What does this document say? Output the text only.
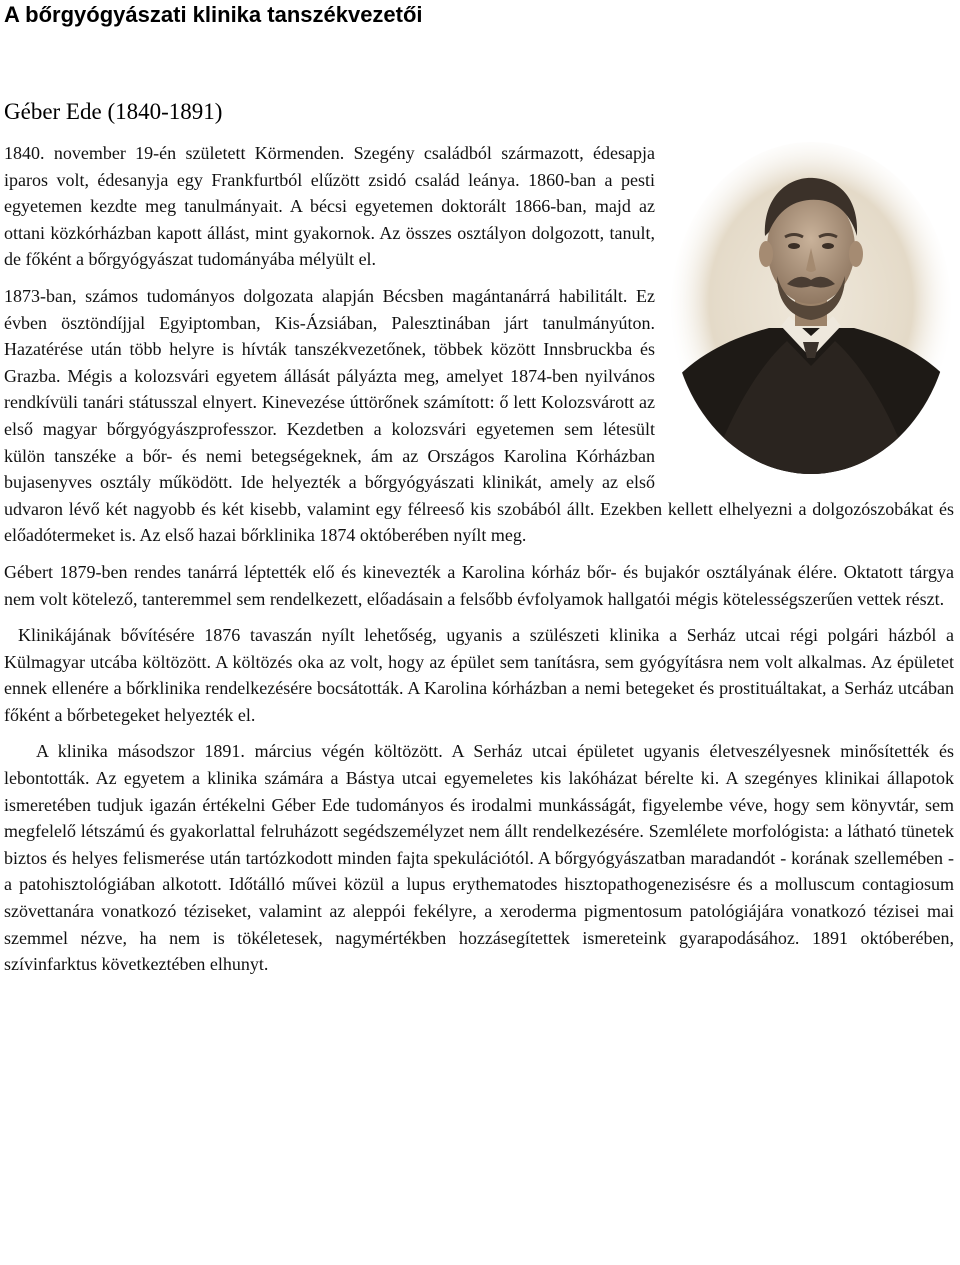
A bőrgyógyászati klinika tanszékvezetői
Géber Ede (1840-1891)

1840. november 19-én született Körmenden. Szegény családból származott, édesapja iparos volt, édesanyja egy Frankfurtból elűzött zsidó család leánya. 1860-ban a pesti egyetemen kezdte meg tanulmányait. A bécsi egyetemen doktorált 1866-ban, majd az ottani közkórházban kapott állást, mint gyakornok. Az összes osztályon dolgozott, tanult, de főként a bőrgyógyászat tudományába mélyült el.

1873-ban, számos tudományos dolgozata alapján Bécsben magántanárrá habilitált. Ez évben ösztöndíjjal Egyiptomban, Kis-Ázsiában, Palesztinában járt tanulmányúton. Hazatérése után több helyre is hívták tanszékvezetőnek, többek között Innsbruckba és Grazba. Mégis a kolozsvári egyetem állását pályázta meg, amelyet 1874-ben nyilvános rendkívüli tanári státusszal elnyert. Kinevezése úttörőnek számított: ő lett Kolozsvárott az első magyar bőrgyógyászprofesszor. Kezdetben a kolozsvári egyetemen sem létesült külön tanszéke a bőr- és nemi betegségeknek, ám az Országos Karolina Kórházban bujasenyves osztály működött. Ide helyezték a bőrgyógyászati klinikát, amely az első udvaron lévő két nagyobb és két kisebb, valamint egy félreeső kis szobából állt. Ezekben kellett elhelyezni a dolgozószobákat és előadótermeket is. Az első hazai bőrklinika 1874 októberében nyílt meg.

Gébert 1879-ben rendes tanárrá léptették elő és kinevezték a Karolina kórház bőr- és bujakór osztályának élére. Oktatott tárgya nem volt kötelező, tanteremmel sem rendelkezett, előadásain a felsőbb évfolyamok hallgatói mégis kötelességszerűen vettek részt.

Klinikájának bővítésére 1876 tavaszán nyílt lehetőség, ugyanis a szülészeti klinika a Serház utcai régi polgári házból a Külmagyar utcába költözött. A költözés oka az volt, hogy az épület sem tanításra, sem gyógyításra nem volt alkalmas. Az épületet ennek ellenére a bőrklinika rendelkezésére bocsátották. A Karolina kórházban a nemi betegeket és prostituáltakat, a Serház utcában főként a bőrbetegeket helyezték el.

A klinika másodszor 1891. március végén költözött. A Serház utcai épületet ugyanis életveszélyesnek minősítették és lebontották. Az egyetem a klinika számára a Bástya utcai egyemeletes kis lakóházat bérelte ki. A szegényes klinikai állapotok ismeretében tudjuk igazán értékelni Géber Ede tudományos és irodalmi munkásságát, figyelembe véve, hogy sem könyvtár, sem megfelelő létszámú és gyakorlattal felruházott segédszemélyzet nem állt rendelkezésére. Szemlélete morfológista: a látható tünetek biztos és helyes felismerése után tartózkodott minden fajta spekulációtól. A bőrgyógyászatban maradandót - korának szellemében - a patohisztológiában alkotott. Időtálló művei közül a lupus erythematodes hisztopathogenezisésre és a molluscum contagiosum szövettanára vonatkozó téziseket, valamint az aleppói fekélyre, a xeroderma pigmentosum patológiájára vonatkozó tézisei mai szemmel nézve, ha nem is tökéletesek, nagymértékben hozzásegítettek ismereteink gyarapodásához. 1891 októberében, szívinfarktus következtében elhunyt.
